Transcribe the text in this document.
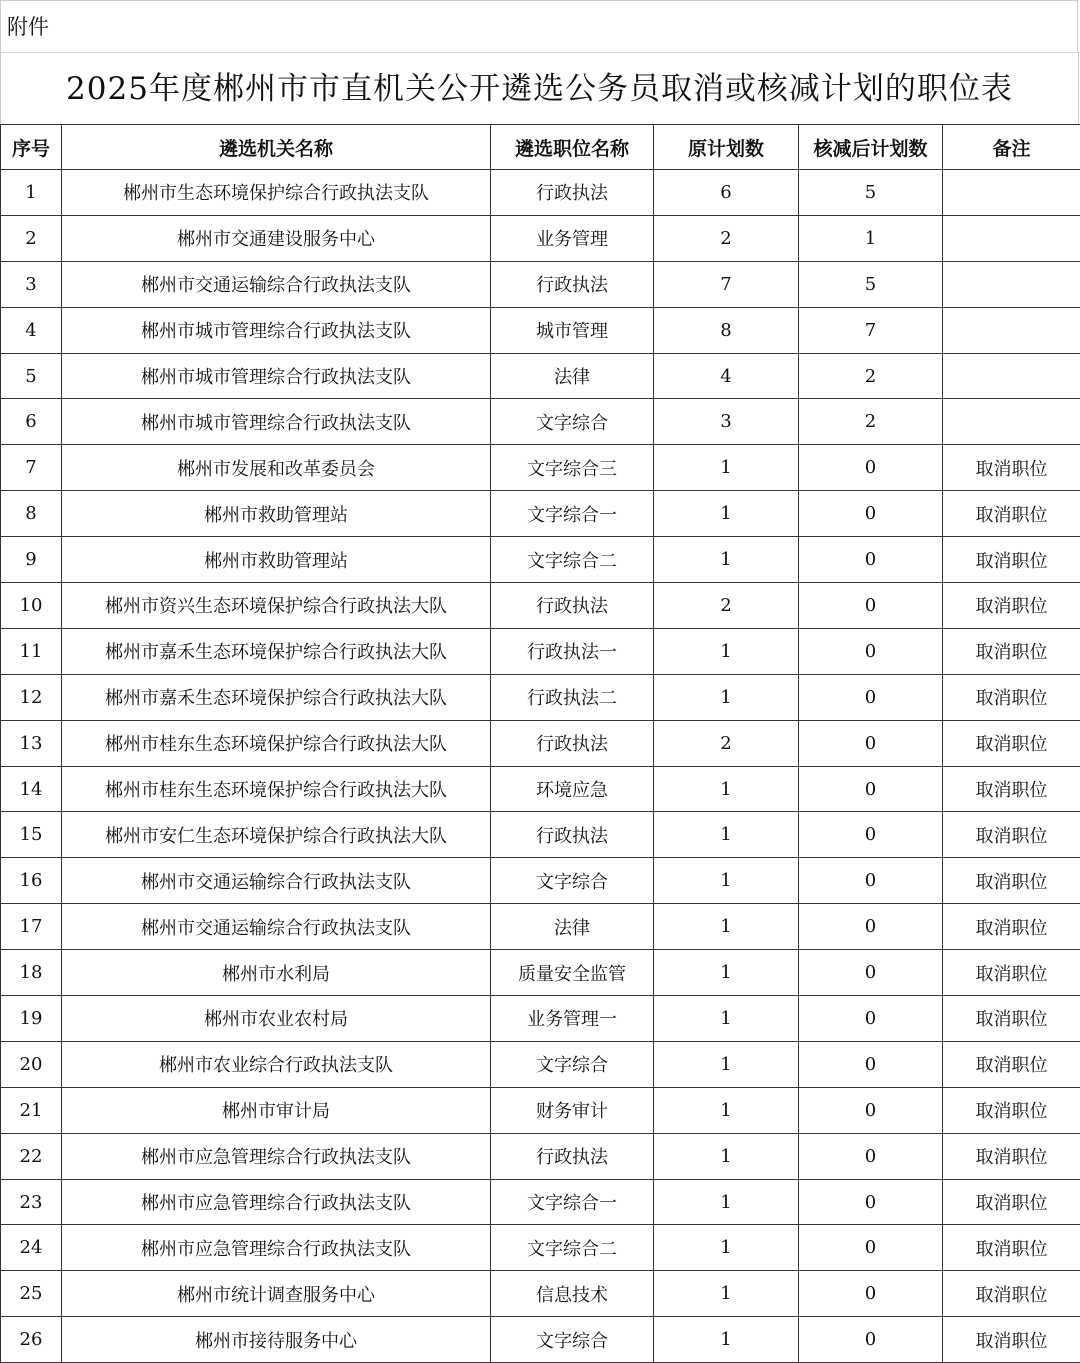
附件
2025年度郴州市市直机关公开遴选公务员取消或核减计划的职位表
序号	遴选机关名称	遴选职位名称	原计划数	核减后计划数	备注
1	郴州市生态环境保护综合行政执法支队	行政执法	6	5	
2	郴州市交通建设服务中心	业务管理	2	1	
3	郴州市交通运输综合行政执法支队	行政执法	7	5	
4	郴州市城市管理综合行政执法支队	城市管理	8	7	
5	郴州市城市管理综合行政执法支队	法律	4	2	
6	郴州市城市管理综合行政执法支队	文字综合	3	2	
7	郴州市发展和改革委员会	文字综合三	1	0	取消职位
8	郴州市救助管理站	文字综合一	1	0	取消职位
9	郴州市救助管理站	文字综合二	1	0	取消职位
10	郴州市资兴生态环境保护综合行政执法大队	行政执法	2	0	取消职位
11	郴州市嘉禾生态环境保护综合行政执法大队	行政执法一	1	0	取消职位
12	郴州市嘉禾生态环境保护综合行政执法大队	行政执法二	1	0	取消职位
13	郴州市桂东生态环境保护综合行政执法大队	行政执法	2	0	取消职位
14	郴州市桂东生态环境保护综合行政执法大队	环境应急	1	0	取消职位
15	郴州市安仁生态环境保护综合行政执法大队	行政执法	1	0	取消职位
16	郴州市交通运输综合行政执法支队	文字综合	1	0	取消职位
17	郴州市交通运输综合行政执法支队	法律	1	0	取消职位
18	郴州市水利局	质量安全监管	1	0	取消职位
19	郴州市农业农村局	业务管理一	1	0	取消职位
20	郴州市农业综合行政执法支队	文字综合	1	0	取消职位
21	郴州市审计局	财务审计	1	0	取消职位
22	郴州市应急管理综合行政执法支队	行政执法	1	0	取消职位
23	郴州市应急管理综合行政执法支队	文字综合一	1	0	取消职位
24	郴州市应急管理综合行政执法支队	文字综合二	1	0	取消职位
25	郴州市统计调查服务中心	信息技术	1	0	取消职位
26	郴州市接待服务中心	文字综合	1	0	取消职位
